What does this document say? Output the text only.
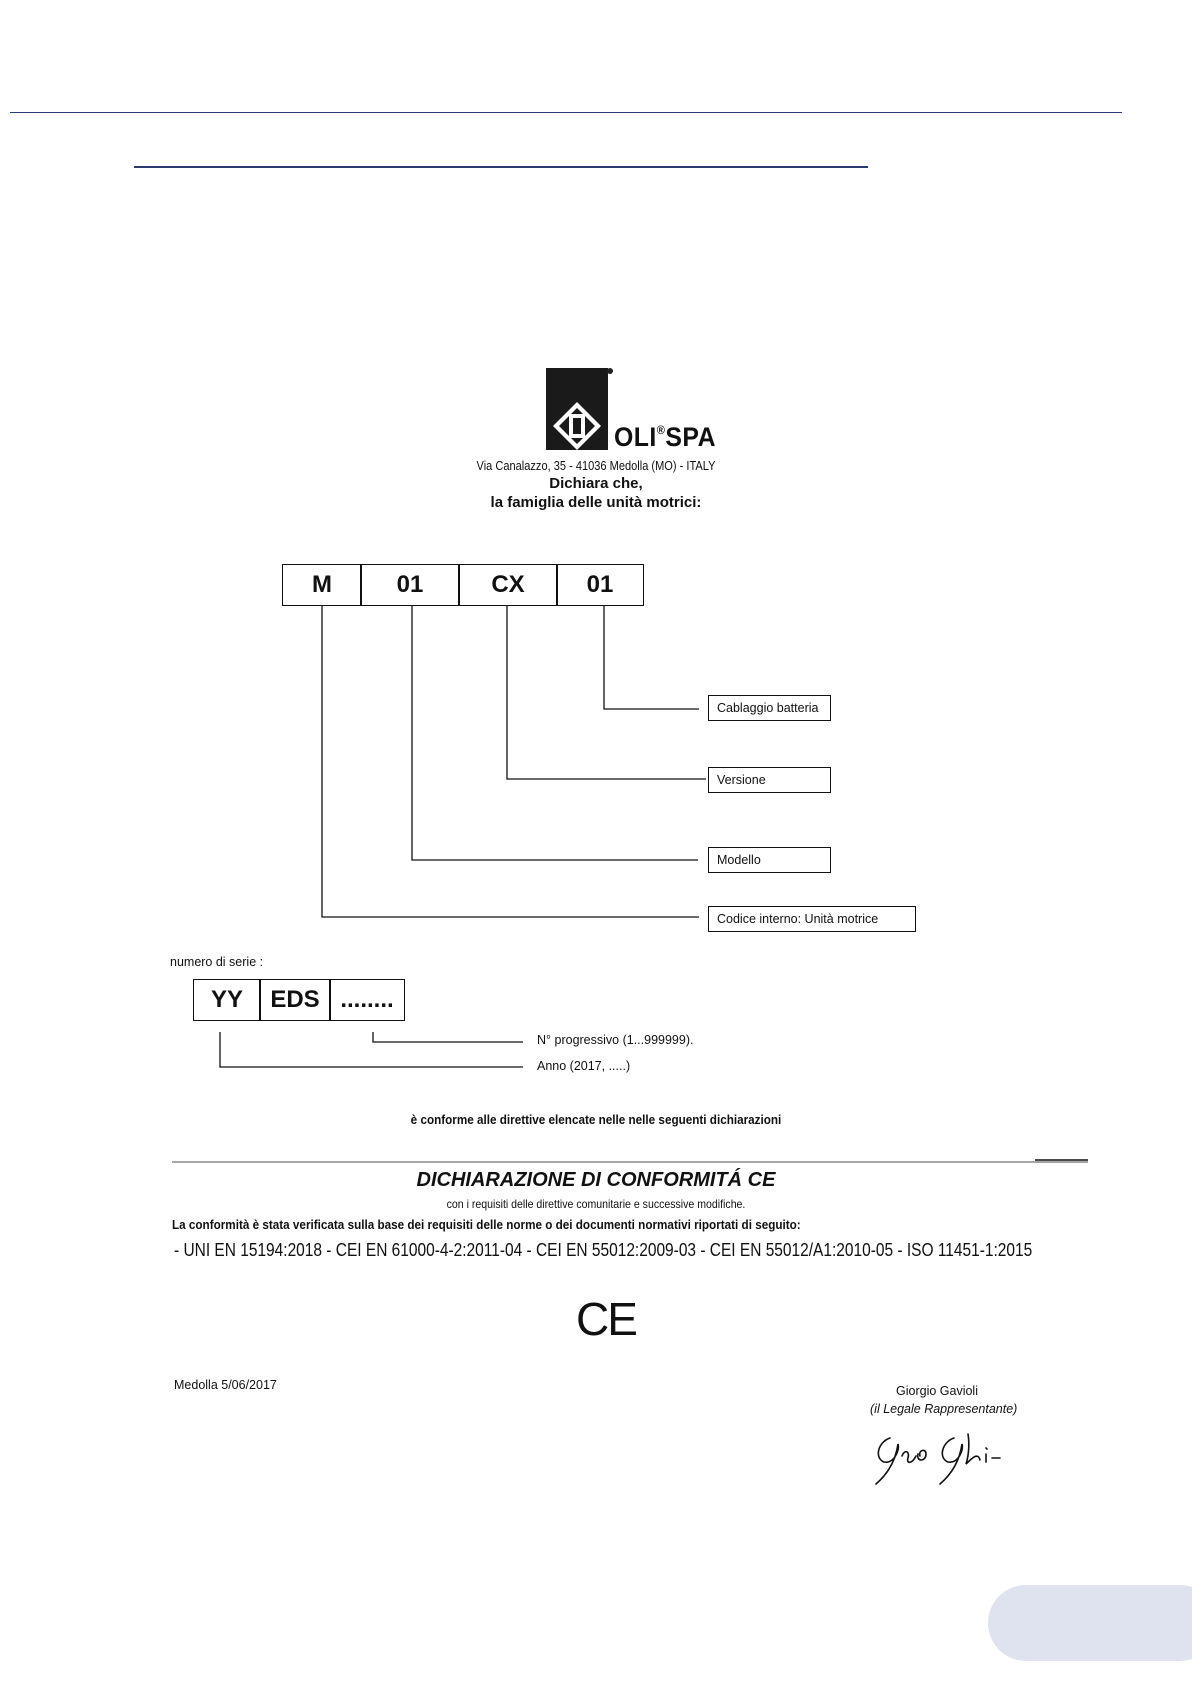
OLI®SPA
Via Canalazzo, 35 - 41036 Medolla (MO) - ITALY
Dichiara che,
la famiglia delle unità motrici:
M	01	CX	01
Cablaggio batteria
Versione
Modello
Codice interno: Unità motrice
numero di serie :
YY	EDS ........
N° progressivo (1...999999).
Anno (2017, .....)
è conforme alle direttive elencate nelle nelle seguenti dichiarazioni
DICHIARAZIONE DI CONFORMITÁ CE
con i requisiti delle direttive comunitarie e successive modifiche.
La conformità è stata verificata sulla base dei requisiti delle norme o dei documenti normativi riportati di seguito:
- UNI EN 15194:2018 - CEI EN 61000-4-2:2011-04 - CEI EN 55012:2009-03 - CEI EN 55012/A1:2010-05 - ISO 11451-1:2015
CE
Medolla 5/06/2017	Giorgio Gavioli
(il Legale Rappresentante)
